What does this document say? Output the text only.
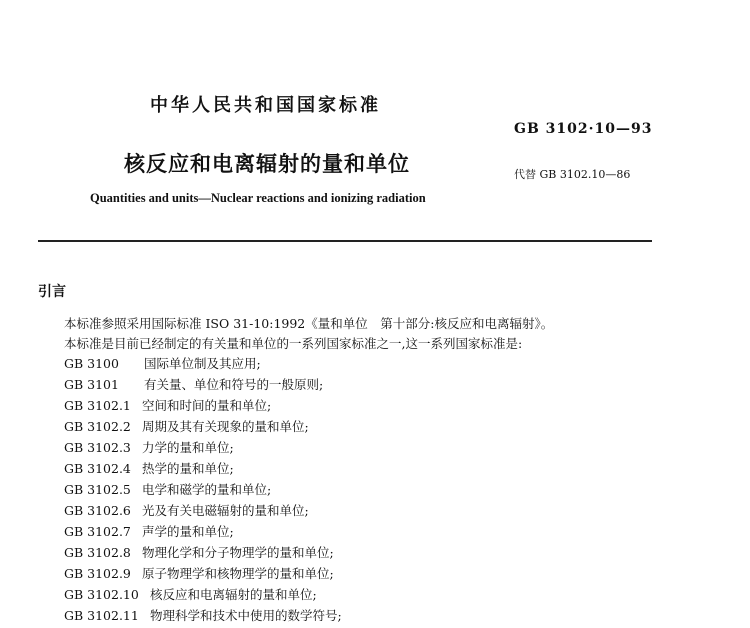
中华人民共和国国家标准
GB 3102·10—93
核反应和电离辐射的量和单位	代替 GB 3102.10—86
Quantities and units—Nuclear reactions and ionizing radiation
引言
本标准参照采用国际标准 ISO 31-10:1992《量和单位　第十部分:核反应和电离辐射》。
本标准是目前已经制定的有关量和单位的一系列国家标准之一,这一系列国家标准是:
GB 3100 国际单位制及其应用;
GB 3101 有关量、单位和符号的一般原则;
GB 3102.1 空间和时间的量和单位;
GB 3102.2 周期及其有关现象的量和单位;
GB 3102.3 力学的量和单位;
GB 3102.4 热学的量和单位;
GB 3102.5 电学和磁学的量和单位;
GB 3102.6 光及有关电磁辐射的量和单位;
GB 3102.7 声学的量和单位;
GB 3102.8 物理化学和分子物理学的量和单位;
GB 3102.9 原子物理学和核物理学的量和单位;
GB 3102.10 核反应和电离辐射的量和单位;
GB 3102.11 物理科学和技术中使用的数学符号;
